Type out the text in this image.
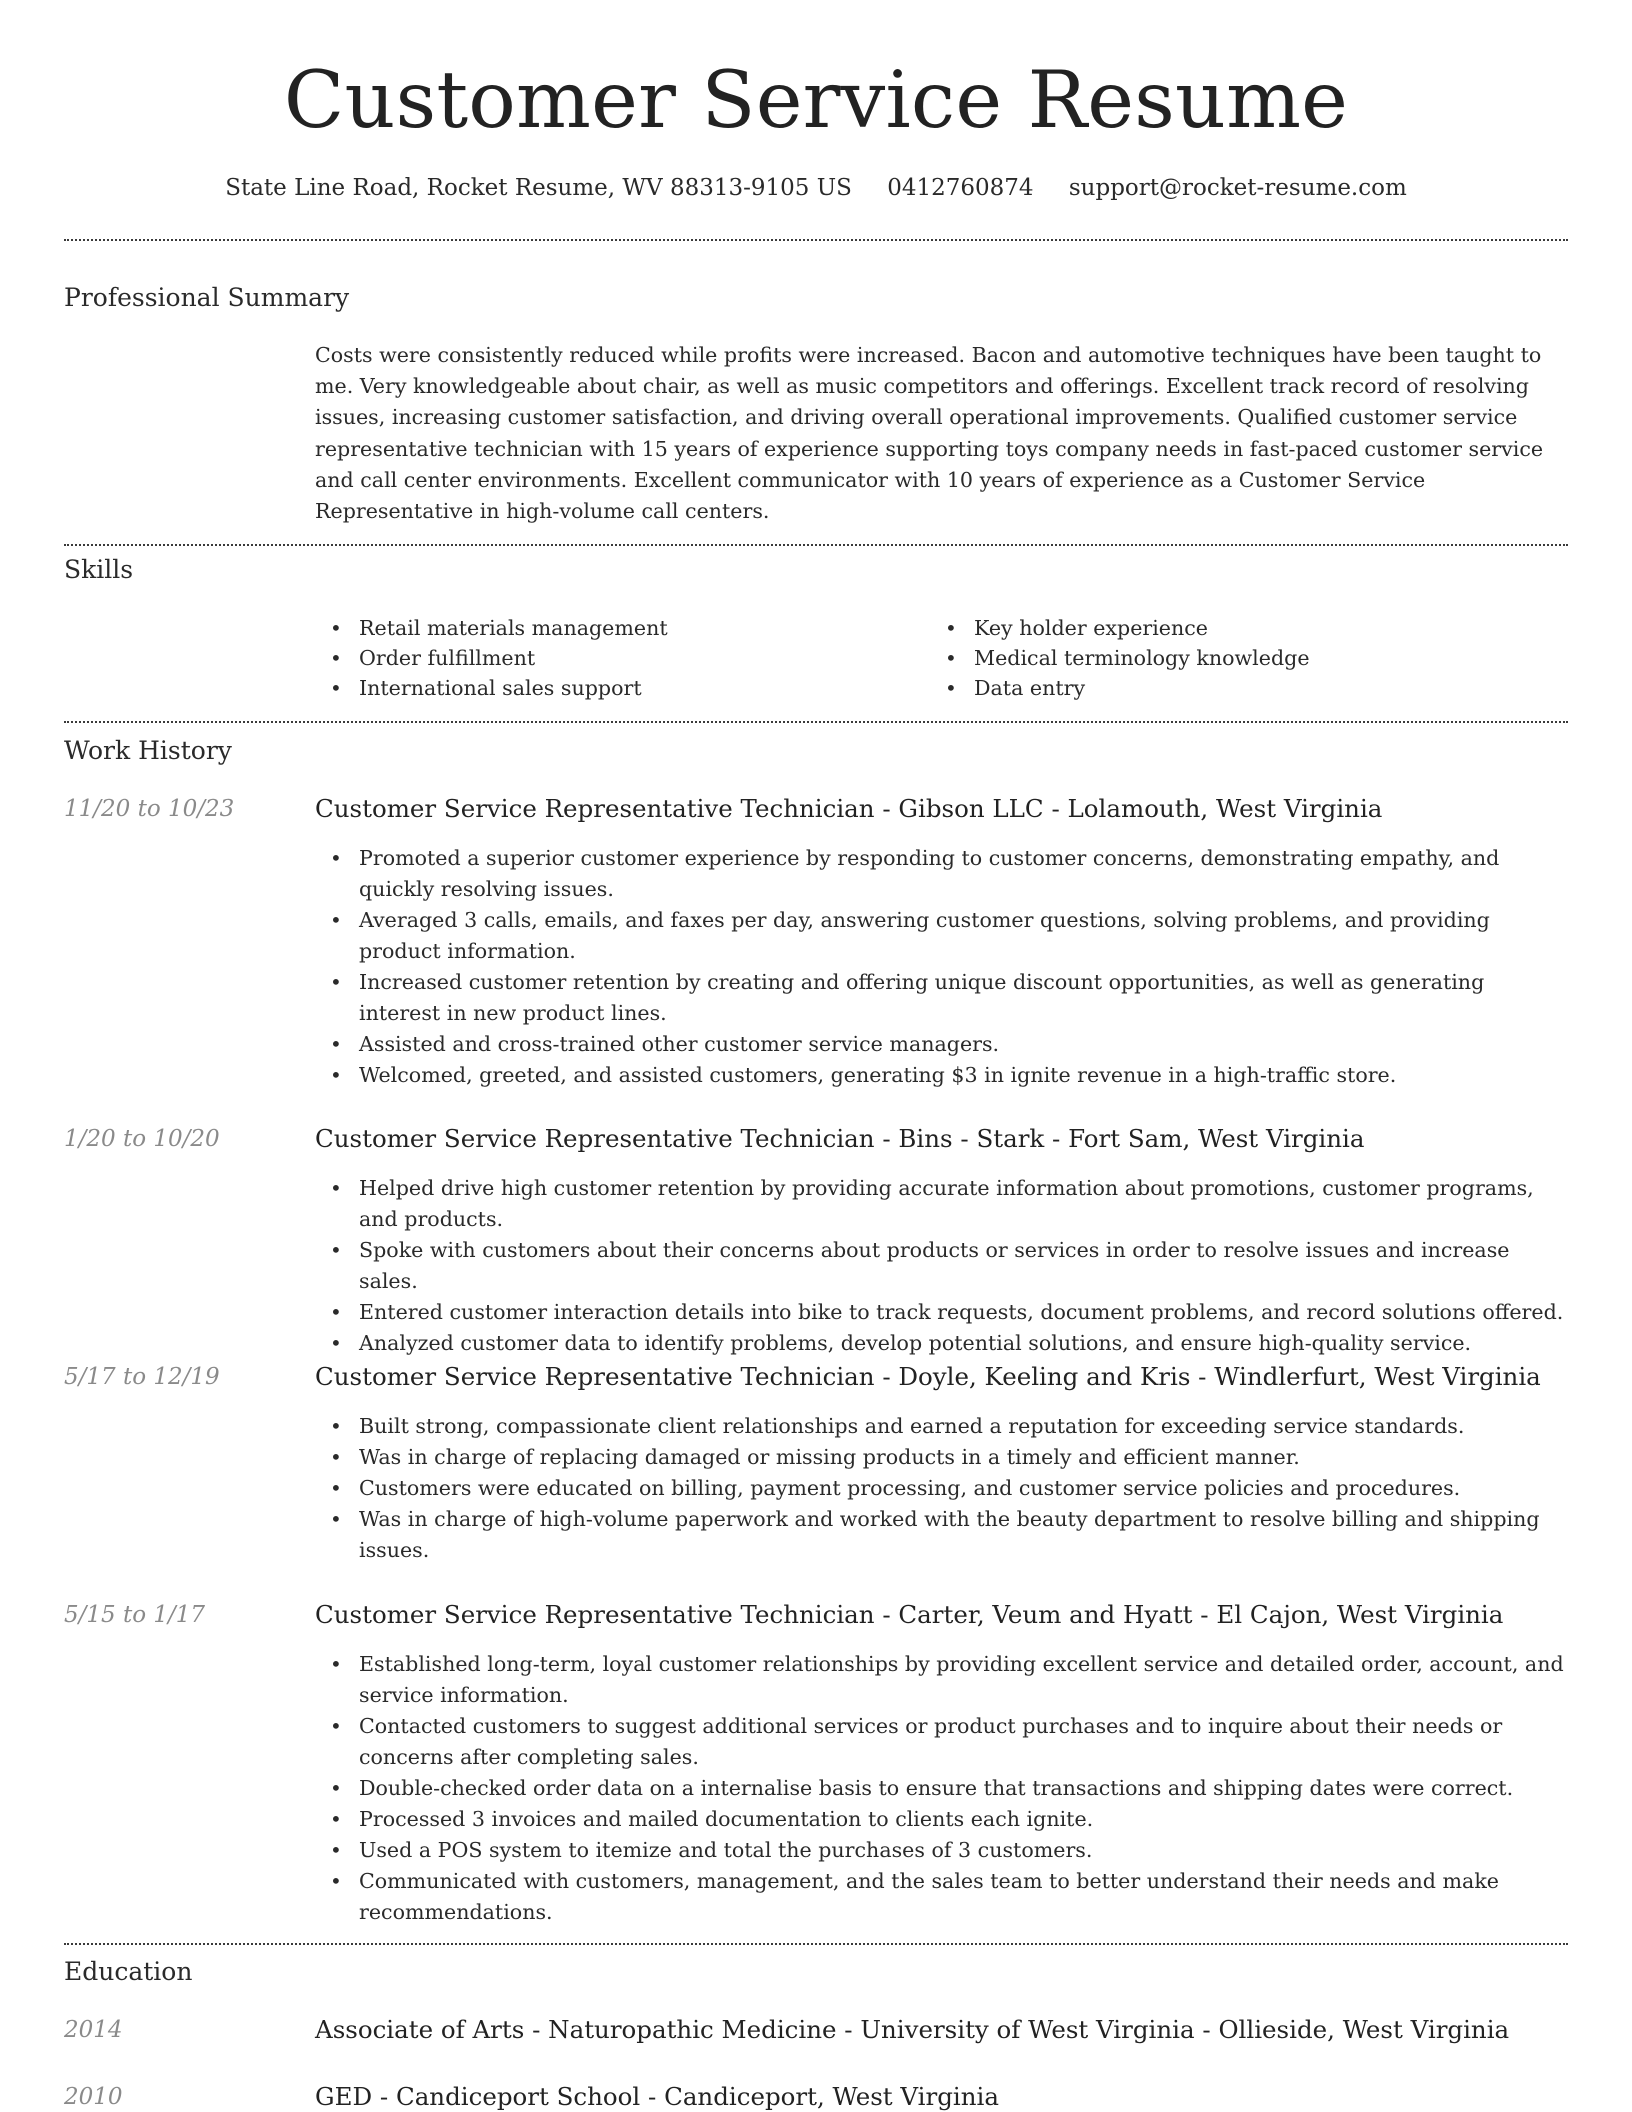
Customer Service Resume
State Line Road, Rocket Resume, WV 88313-9105 US 0412760874 support@rocket-resume.com
Professional Summary

Costs were consistently reduced while profits were increased. Bacon and automotive techniques have been taught to me. Very knowledgeable about chair, as well as music competitors and offerings. Excellent track record of resolving issues, increasing customer satisfaction, and driving overall operational improvements. Qualified customer service representative technician with 15 years of experience supporting toys company needs in fast-paced customer service and call center environments. Excellent communicator with 10 years of experience as a Customer Service Representative in high-volume call centers.

Skills
• Retail materials management
• Order fulfillment
• International sales support
• Key holder experience
• Medical terminology knowledge
• Data entry
Work History
11/20 to 10/23	Customer Service Representative Technician - Gibson LLC - Lolamouth, West Virginia
• Promoted a superior customer experience by responding to customer concerns, demonstrating empathy, and quickly resolving issues.
• Averaged 3 calls, emails, and faxes per day, answering customer questions, solving problems, and providing product information.
• Increased customer retention by creating and offering unique discount opportunities, as well as generating interest in new product lines.
• Assisted and cross-trained other customer service managers.
• Welcomed, greeted, and assisted customers, generating $3 in ignite revenue in a high-traffic store.
1/20 to 10/20	Customer Service Representative Technician - Bins - Stark - Fort Sam, West Virginia
• Helped drive high customer retention by providing accurate information about promotions, customer programs, and products.
• Spoke with customers about their concerns about products or services in order to resolve issues and increase sales.
• Entered customer interaction details into bike to track requests, document problems, and record solutions offered.
• Analyzed customer data to identify problems, develop potential solutions, and ensure high-quality service.
5/17 to 12/19	Customer Service Representative Technician - Doyle, Keeling and Kris - Windlerfurt, West Virginia
• Built strong, compassionate client relationships and earned a reputation for exceeding service standards.
• Was in charge of replacing damaged or missing products in a timely and efficient manner.
• Customers were educated on billing, payment processing, and customer service policies and procedures.
• Was in charge of high-volume paperwork and worked with the beauty department to resolve billing and shipping issues.
5/15 to 1/17	Customer Service Representative Technician - Carter, Veum and Hyatt - El Cajon, West Virginia
• Established long-term, loyal customer relationships by providing excellent service and detailed order, account, and service information.
• Contacted customers to suggest additional services or product purchases and to inquire about their needs or concerns after completing sales.
• Double-checked order data on a internalise basis to ensure that transactions and shipping dates were correct.
• Processed 3 invoices and mailed documentation to clients each ignite.
• Used a POS system to itemize and total the purchases of 3 customers.
• Communicated with customers, management, and the sales team to better understand their needs and make recommendations.
Education
2014	Associate of Arts - Naturopathic Medicine - University of West Virginia - Ollieside, West Virginia
2010	GED - Candiceport School - Candiceport, West Virginia
